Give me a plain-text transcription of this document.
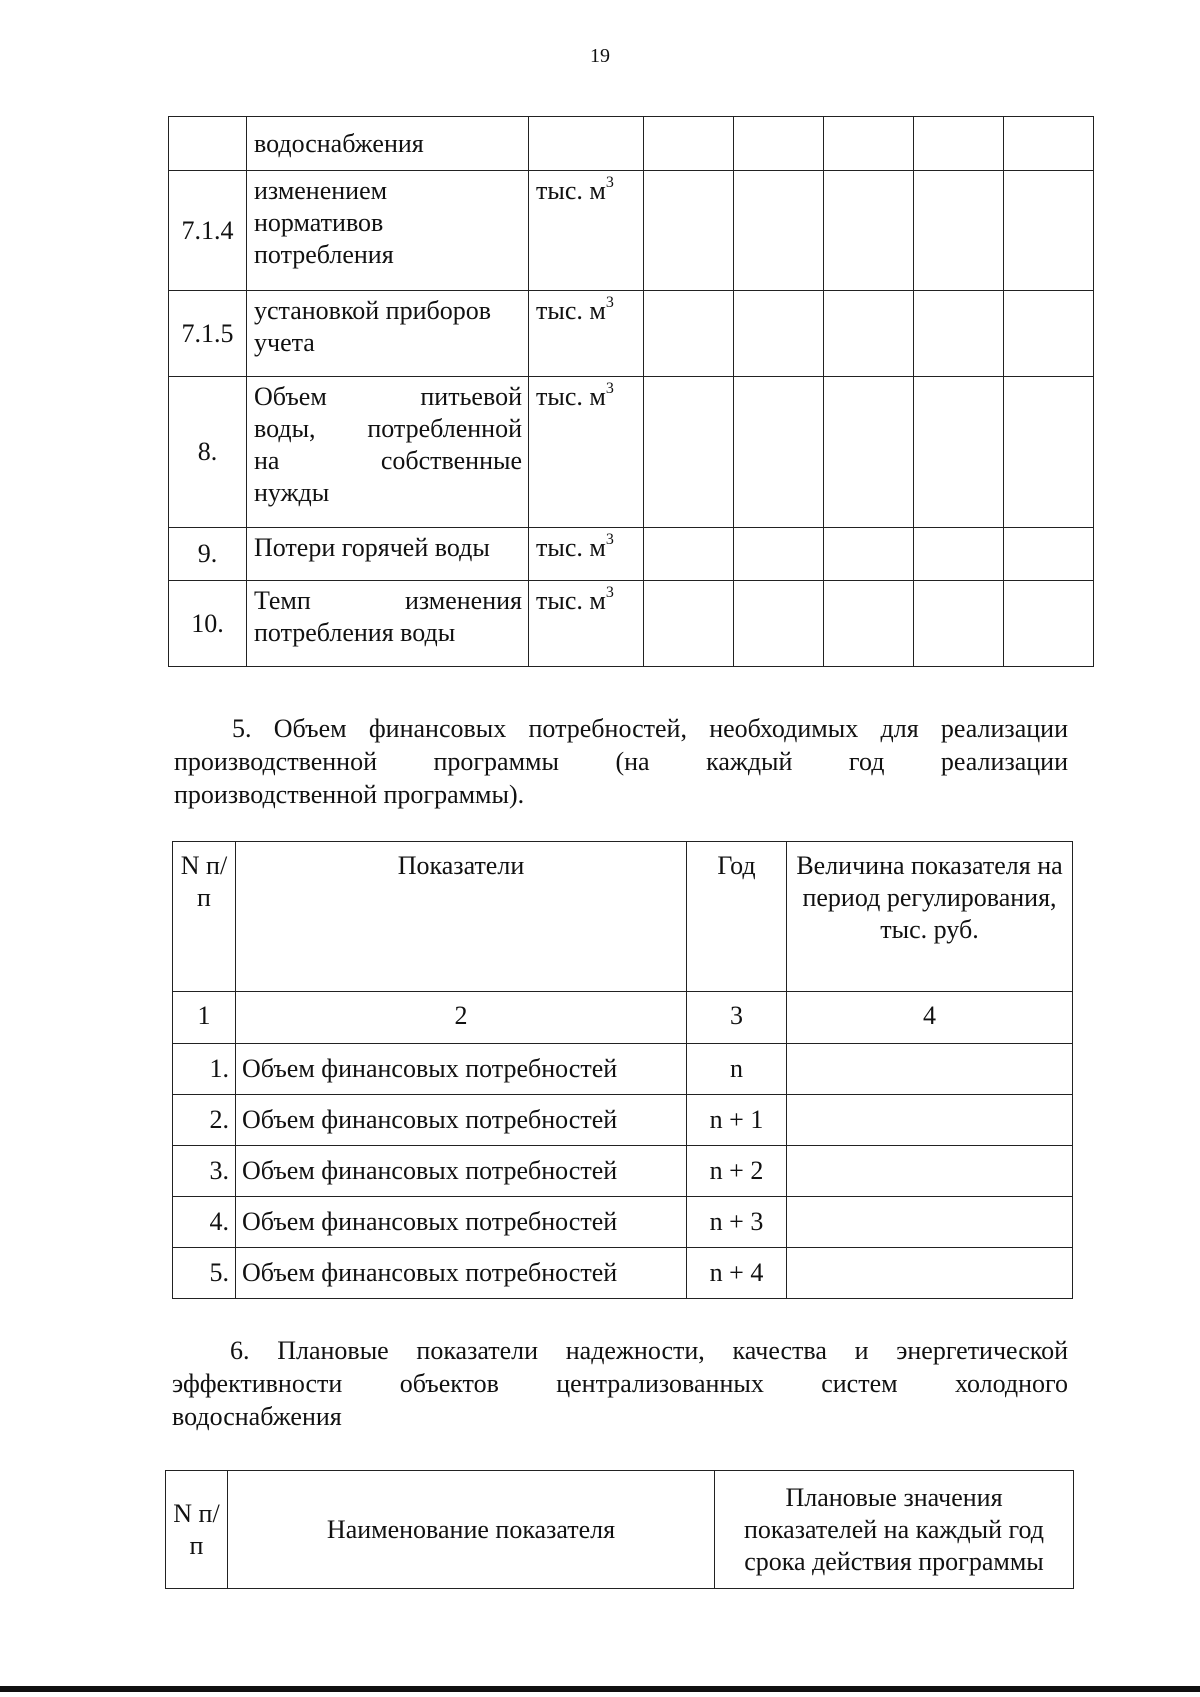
19
	водоснабжения						
7.1.4	изменением
нормативов
потребления	тыс. $м^3$					
7.1.5	установкой приборов
учета	тыс. $м^3$					
8.	Объем питьевой
воды, потребленной
на собственные
нужды	тыс. $м^3$					
9.	Потери горячей воды	тыс. $м^3$					
10.	Темп изменения
потребления воды	тыс. $м^3$					
5. Объем финансовых потребностей, необходимых для реализации
производственной программы (на каждый год реализации
производственной программы).
N п/п	Показатели	Год	Величина показателя на период регулирования, тыс. руб.
1	2	3	4
1.	Объем финансовых потребностей	n	
2.	Объем финансовых потребностей	n + 1	
3.	Объем финансовых потребностей	n + 2	
4.	Объем финансовых потребностей	n + 3	
5.	Объем финансовых потребностей	n + 4	
6. Плановые показатели надежности, качества и энергетической
эффективности объектов централизованных систем холодного
водоснабжения
N п/п	Наименование показателя	Плановые значения показателей на каждый год срока действия программы
